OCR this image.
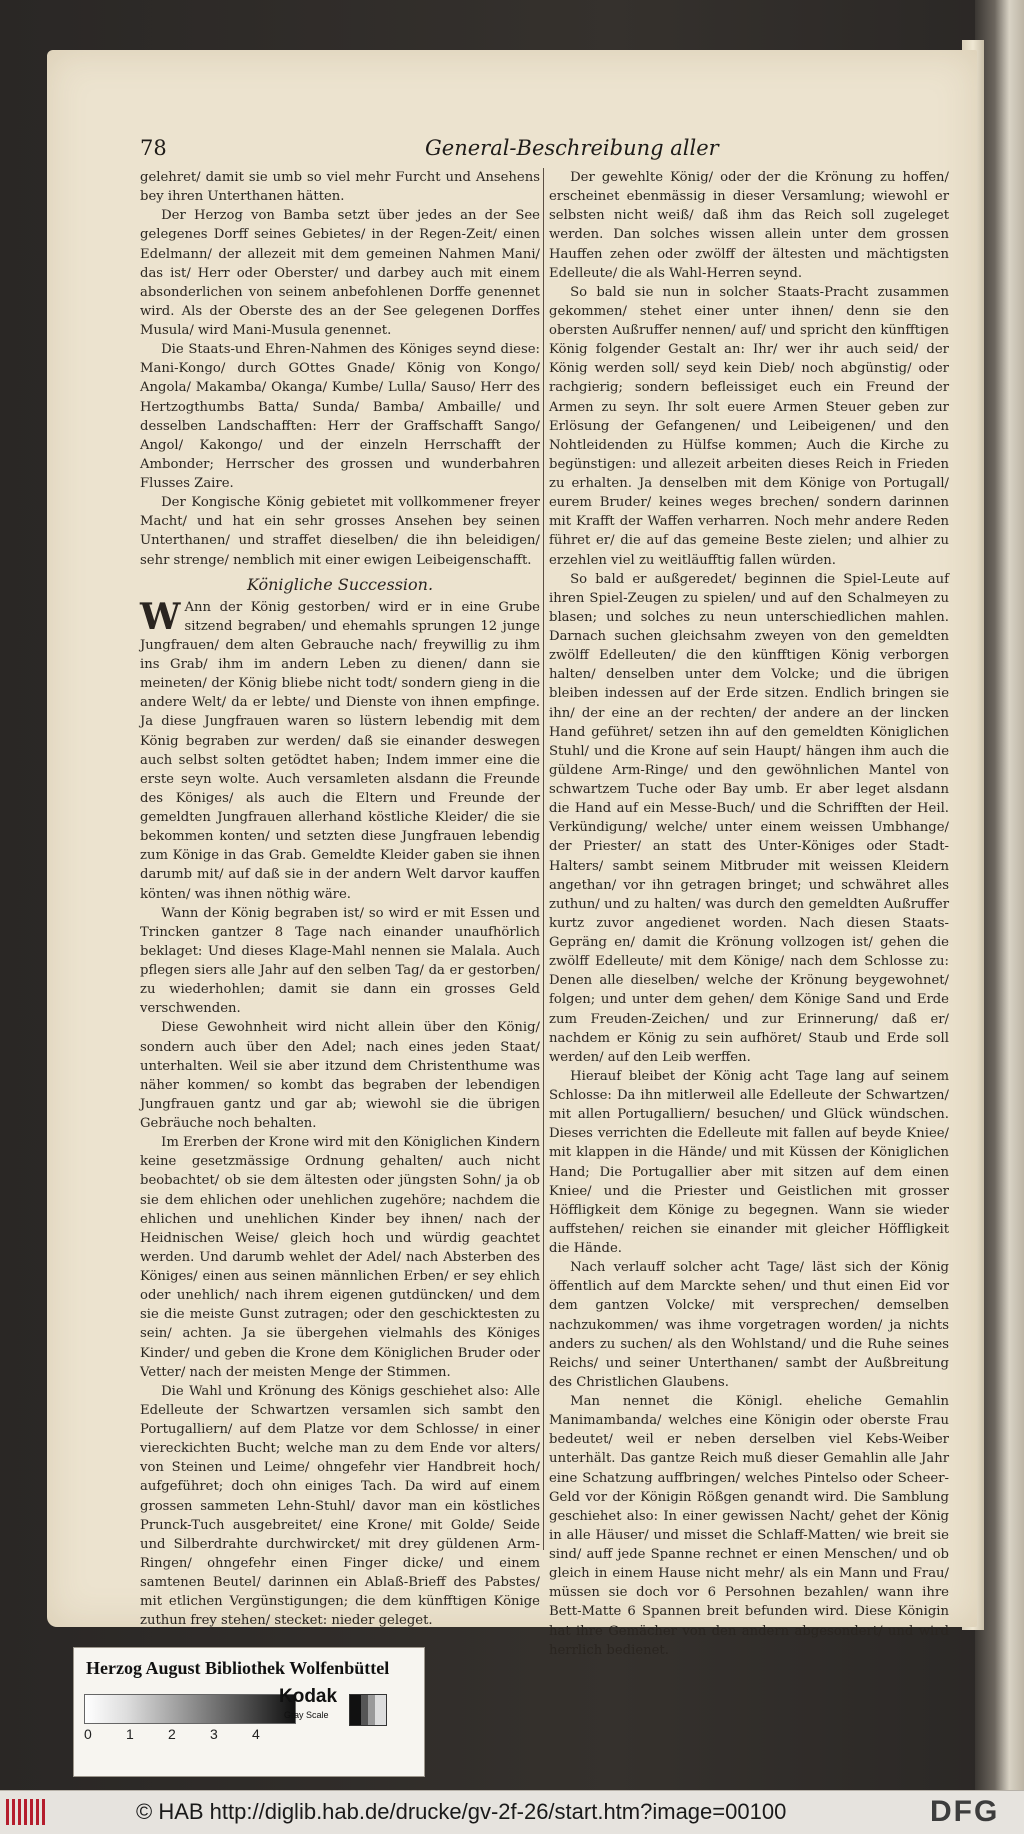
78	General-Beschreibung aller

gelehret/ damit sie umb so viel mehr Furcht und Ansehens bey ihren Unterthanen hätten.

Der Herzog von Bamba setzt über jedes an der See gelegenes Dorff seines Gebietes/ in der Regen-Zeit/ einen Edelmann/ der allezeit mit dem gemeinen Nahmen Mani/ das ist/ Herr oder Oberster/ und darbey auch mit einem absonderlichen von seinem anbefohlenen Dorffe genennet wird. Als der Oberste des an der See gelegenen Dorffes Musula/ wird Mani-Musula genennet.

Die Staats-und Ehren-Nahmen des Königes seynd diese: Mani-Kongo/ durch GOttes Gnade/ König von Kongo/ Angola/ Makamba/ Okanga/ Kumbe/ Lulla/ Sauso/ Herr des Hertzogthumbs Batta/ Sunda/ Bamba/ Ambaille/ und desselben Landschafften: Herr der Graffschafft Sango/ Angol/ Kakongo/ und der einzeln Herrschafft der Ambonder; Herrscher des grossen und wunderbahren Flusses Zaire.

Der Kongische König gebietet mit vollkommener freyer Macht/ und hat ein sehr grosses Ansehen bey seinen Unterthanen/ und straffet dieselben/ die ihn beleidigen/ sehr strenge/ nemblich mit einer ewigen Leibeigenschafft.

Königliche Succession.

W Ann der König gestorben/ wird er in eine Grube sitzend begraben/ und ehemahls sprungen 12 junge Jungfrauen/ dem alten Gebrauche nach/ freywillig zu ihm ins Grab/ ihm im andern Leben zu dienen/ dann sie meineten/ der König bliebe nicht todt/ sondern gieng in die andere Welt/ da er lebte/ und Dienste von ihnen empfinge. Ja diese Jungfrauen waren so lüstern lebendig mit dem König begraben zur werden/ daß sie einander deswegen auch selbst solten getödtet haben; Indem immer eine die erste seyn wolte. Auch versamleten alsdann die Freunde des Königes/ als auch die Eltern und Freunde der gemeldten Jungfrauen allerhand köstliche Kleider/ die sie bekommen konten/ und setzten diese Jungfrauen lebendig zum Könige in das Grab. Gemeldte Kleider gaben sie ihnen darumb mit/ auf daß sie in der andern Welt darvor kauffen könten/ was ihnen nöthig wäre.

Wann der König begraben ist/ so wird er mit Essen und Trincken gantzer 8 Tage nach einander unaufhörlich beklaget: Und dieses Klage-Mahl nennen sie Malala. Auch pflegen siers alle Jahr auf den selben Tag/ da er gestorben/ zu wiederhohlen; damit sie dann ein grosses Geld verschwenden.

Diese Gewohnheit wird nicht allein über den König/ sondern auch über den Adel; nach eines jeden Staat/ unterhalten. Weil sie aber itzund dem Christenthume was näher kommen/ so kombt das begraben der lebendigen Jungfrauen gantz und gar ab; wiewohl sie die übrigen Gebräuche noch behalten.

Im Ererben der Krone wird mit den Königlichen Kindern keine gesetzmässige Ordnung gehalten/ auch nicht beobachtet/ ob sie dem ältesten oder jüngsten Sohn/ ja ob sie dem ehlichen oder unehlichen zugehöre; nachdem die ehlichen und unehlichen Kinder bey ihnen/ nach der Heidnischen Weise/ gleich hoch und würdig geachtet werden. Und darumb wehlet der Adel/ nach Absterben des Königes/ einen aus seinen männlichen Erben/ er sey ehlich oder unehlich/ nach ihrem eigenen gutdüncken/ und dem sie die meiste Gunst zutragen; oder den geschicktesten zu sein/ achten. Ja sie übergehen vielmahls des Königes Kinder/ und geben die Krone dem Königlichen Bruder oder Vetter/ nach der meisten Menge der Stimmen.

Die Wahl und Krönung des Königs geschiehet also: Alle Edelleute der Schwartzen versamlen sich sambt den Portugalliern/ auf dem Platze vor dem Schlosse/ in einer viereckichten Bucht; welche man zu dem Ende vor alters/ von Steinen und Leime/ ohngefehr vier Handbreit hoch/ aufgeführet; doch ohn einiges Tach. Da wird auf einem grossen sammeten Lehn-Stuhl/ davor man ein köstliches Prunck-Tuch ausgebreitet/ eine Krone/ mit Golde/ Seide und Silberdrahte durchwircket/ mit drey güldenen Arm-Ringen/ ohngefehr einen Finger dicke/ und einem samtenen Beutel/ darinnen ein Ablaß-Brieff des Pabstes/ mit etlichen Vergünstigungen; die dem künfftigen Könige zuthun frey stehen/ stecket: nieder geleget.

Der gewehlte König/ oder der die Krönung zu hoffen/ erscheinet ebenmässig in dieser Versamlung; wiewohl er selbsten nicht weiß/ daß ihm das Reich soll zugeleget werden. Dan solches wissen allein unter dem grossen Hauffen zehen oder zwölff der ältesten und mächtigsten Edelleute/ die als Wahl-Herren seynd.

So bald sie nun in solcher Staats-Pracht zusammen gekommen/ stehet einer unter ihnen/ denn sie den obersten Außruffer nennen/ auf/ und spricht den künfftigen König folgender Gestalt an: Ihr/ wer ihr auch seid/ der König werden soll/ seyd kein Dieb/ noch abgünstig/ oder rachgierig; sondern befleissiget euch ein Freund der Armen zu seyn. Ihr solt euere Armen Steuer geben zur Erlösung der Gefangenen/ und Leibeigenen/ und den Nohtleidenden zu Hülfse kommen; Auch die Kirche zu begünstigen: und allezeit arbeiten dieses Reich in Frieden zu erhalten. Ja denselben mit dem Könige von Portugall/ eurem Bruder/ keines weges brechen/ sondern darinnen mit Krafft der Waffen verharren. Noch mehr andere Reden führet er/ die auf das gemeine Beste zielen; und alhier zu erzehlen viel zu weitläufftig fallen würden.

So bald er außgeredet/ beginnen die Spiel-Leute auf ihren Spiel-Zeugen zu spielen/ und auf den Schalmeyen zu blasen; und solches zu neun unterschiedlichen mahlen. Darnach suchen gleichsahm zweyen von den gemeldten zwölff Edelleuten/ die den künfftigen König verborgen halten/ denselben unter dem Volcke; und die übrigen bleiben indessen auf der Erde sitzen. Endlich bringen sie ihn/ der eine an der rechten/ der andere an der lincken Hand geführet/ setzen ihn auf den gemeldten Königlichen Stuhl/ und die Krone auf sein Haupt/ hängen ihm auch die güldene Arm-Ringe/ und den gewöhnlichen Mantel von schwartzem Tuche oder Bay umb. Er aber leget alsdann die Hand auf ein Messe-Buch/ und die Schrifften der Heil. Verkündigung/ welche/ unter einem weissen Umbhange/ der Priester/ an statt des Unter-Königes oder Stadt-Halters/ sambt seinem Mitbruder mit weissen Kleidern angethan/ vor ihn getragen bringet; und schwähret alles zuthun/ und zu halten/ was durch den gemeldten Außruffer kurtz zuvor angedienet worden. Nach diesen Staats-Gepräng en/ damit die Krönung vollzogen ist/ gehen die zwölff Edelleute/ mit dem Könige/ nach dem Schlosse zu: Denen alle dieselben/ welche der Krönung beygewohnet/ folgen; und unter dem gehen/ dem Könige Sand und Erde zum Freuden-Zeichen/ und zur Erinnerung/ daß er/ nachdem er König zu sein aufhöret/ Staub und Erde soll werden/ auf den Leib werffen.

Hierauf bleibet der König acht Tage lang auf seinem Schlosse: Da ihn mitlerweil alle Edelleute der Schwartzen/ mit allen Portugalliern/ besuchen/ und Glück wündschen. Dieses verrichten die Edelleute mit fallen auf beyde Kniee/ mit klappen in die Hände/ und mit Küssen der Königlichen Hand; Die Portugallier aber mit sitzen auf dem einen Kniee/ und die Priester und Geistlichen mit grosser Höffligkeit dem Könige zu begegnen. Wann sie wieder auffstehen/ reichen sie einander mit gleicher Höffligkeit die Hände.

Nach verlauff solcher acht Tage/ läst sich der König öffentlich auf dem Marckte sehen/ und thut einen Eid vor dem gantzen Volcke/ mit versprechen/ demselben nachzukommen/ was ihme vorgetragen worden/ ja nichts anders zu suchen/ als den Wohlstand/ und die Ruhe seines Reichs/ und seiner Unterthanen/ sambt der Außbreitung des Christlichen Glaubens.

Man nennet die Königl. eheliche Gemahlin Manimambanda/ welches eine Königin oder oberste Frau bedeutet/ weil er neben derselben viel Kebs-Weiber unterhält. Das gantze Reich muß dieser Gemahlin alle Jahr eine Schatzung auffbringen/ welches Pintelso oder Scheer-Geld vor der Königin Rößgen genandt wird. Die Samblung geschiehet also: In einer gewissen Nacht/ gehet der König in alle Häuser/ und misset die Schlaff-Matten/ wie breit sie sind/ auff jede Spanne rechnet er einen Menschen/ und ob gleich in einem Hause nicht mehr/ als ein Mann und Frau/ müssen sie doch vor 6 Persohnen bezahlen/ wann ihre Bett-Matte 6 Spannen breit befunden wird. Diese Königin hat ihre Gemächer von den andern abgesondert/ und wird herrlich bedienet.

Herzog August Bibliothek Wolfenbüttel
0 1 2 3 4
Kodak
Gray Scale
© HAB http://diglib.hab.de/drucke/gv-2f-26/start.htm?image=00100	DFG
